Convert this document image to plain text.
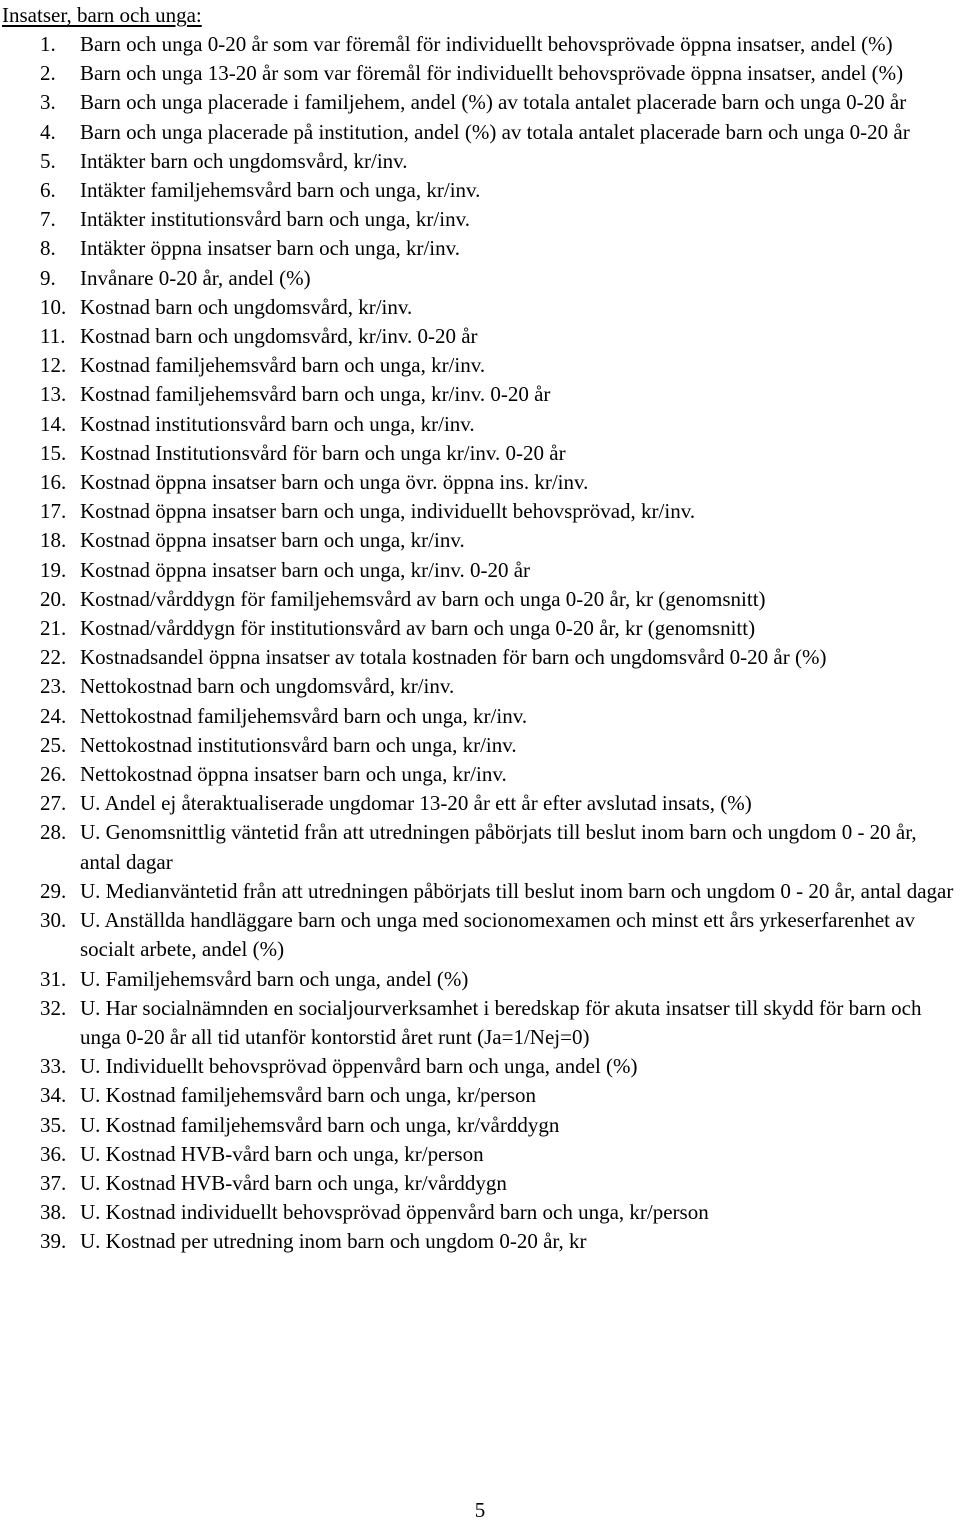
Insatser, barn och unga:
1.	Barn och unga 0-20 år som var föremål för individuellt behovsprövade öppna insatser, andel (%)
2.	Barn och unga 13-20 år som var föremål för individuellt behovsprövade öppna insatser, andel (%)
3.	Barn och unga placerade i familjehem, andel (%) av totala antalet placerade barn och unga 0-20 år
4.	Barn och unga placerade på institution, andel (%) av totala antalet placerade barn och unga 0-20 år
5.	Intäkter barn och ungdomsvård, kr/inv.
6.	Intäkter familjehemsvård barn och unga, kr/inv.
7.	Intäkter institutionsvård barn och unga, kr/inv.
8.	Intäkter öppna insatser barn och unga, kr/inv.
9.	Invånare 0-20 år, andel (%)
10. Kostnad barn och ungdomsvård, kr/inv.
11. Kostnad barn och ungdomsvård, kr/inv. 0-20 år
12. Kostnad familjehemsvård barn och unga, kr/inv.
13. Kostnad familjehemsvård barn och unga, kr/inv. 0-20 år
14. Kostnad institutionsvård barn och unga, kr/inv.
15. Kostnad Institutionsvård för barn och unga kr/inv. 0-20 år
16. Kostnad öppna insatser barn och unga övr. öppna ins. kr/inv.
17. Kostnad öppna insatser barn och unga, individuellt behovsprövad, kr/inv.
18. Kostnad öppna insatser barn och unga, kr/inv.
19. Kostnad öppna insatser barn och unga, kr/inv. 0-20 år
20. Kostnad/vårddygn för familjehemsvård av barn och unga 0-20 år, kr (genomsnitt)
21. Kostnad/vårddygn för institutionsvård av barn och unga 0-20 år, kr (genomsnitt)
22. Kostnadsandel öppna insatser av totala kostnaden för barn och ungdomsvård 0-20 år (%)
23. Nettokostnad barn och ungdomsvård, kr/inv.
24. Nettokostnad familjehemsvård barn och unga, kr/inv.
25. Nettokostnad institutionsvård barn och unga, kr/inv.
26. Nettokostnad öppna insatser barn och unga, kr/inv.
27. U. Andel ej återaktualiserade ungdomar 13-20 år ett år efter avslutad insats, (%)
28. U. Genomsnittlig väntetid från att utredningen påbörjats till beslut inom barn och ungdom 0 - 20 år, antal dagar
29. U. Medianväntetid från att utredningen påbörjats till beslut inom barn och ungdom 0 - 20 år, antal dagar
30. U. Anställda handläggare barn och unga med socionomexamen och minst ett års yrkeserfarenhet av socialt arbete, andel (%)
31. U. Familjehemsvård barn och unga, andel (%)
32. U. Har socialnämnden en socialjourverksamhet i beredskap för akuta insatser till skydd för barn och unga 0-20 år all tid utanför kontorstid året runt (Ja=1/Nej=0)
33. U. Individuellt behovsprövad öppenvård barn och unga, andel (%)
34. U. Kostnad familjehemsvård barn och unga, kr/person
35. U. Kostnad familjehemsvård barn och unga, kr/vårddygn
36. U. Kostnad HVB-vård barn och unga, kr/person
37. U. Kostnad HVB-vård barn och unga, kr/vårddygn
38. U. Kostnad individuellt behovsprövad öppenvård barn och unga, kr/person
39. U. Kostnad per utredning inom barn och ungdom 0-20 år, kr
5
